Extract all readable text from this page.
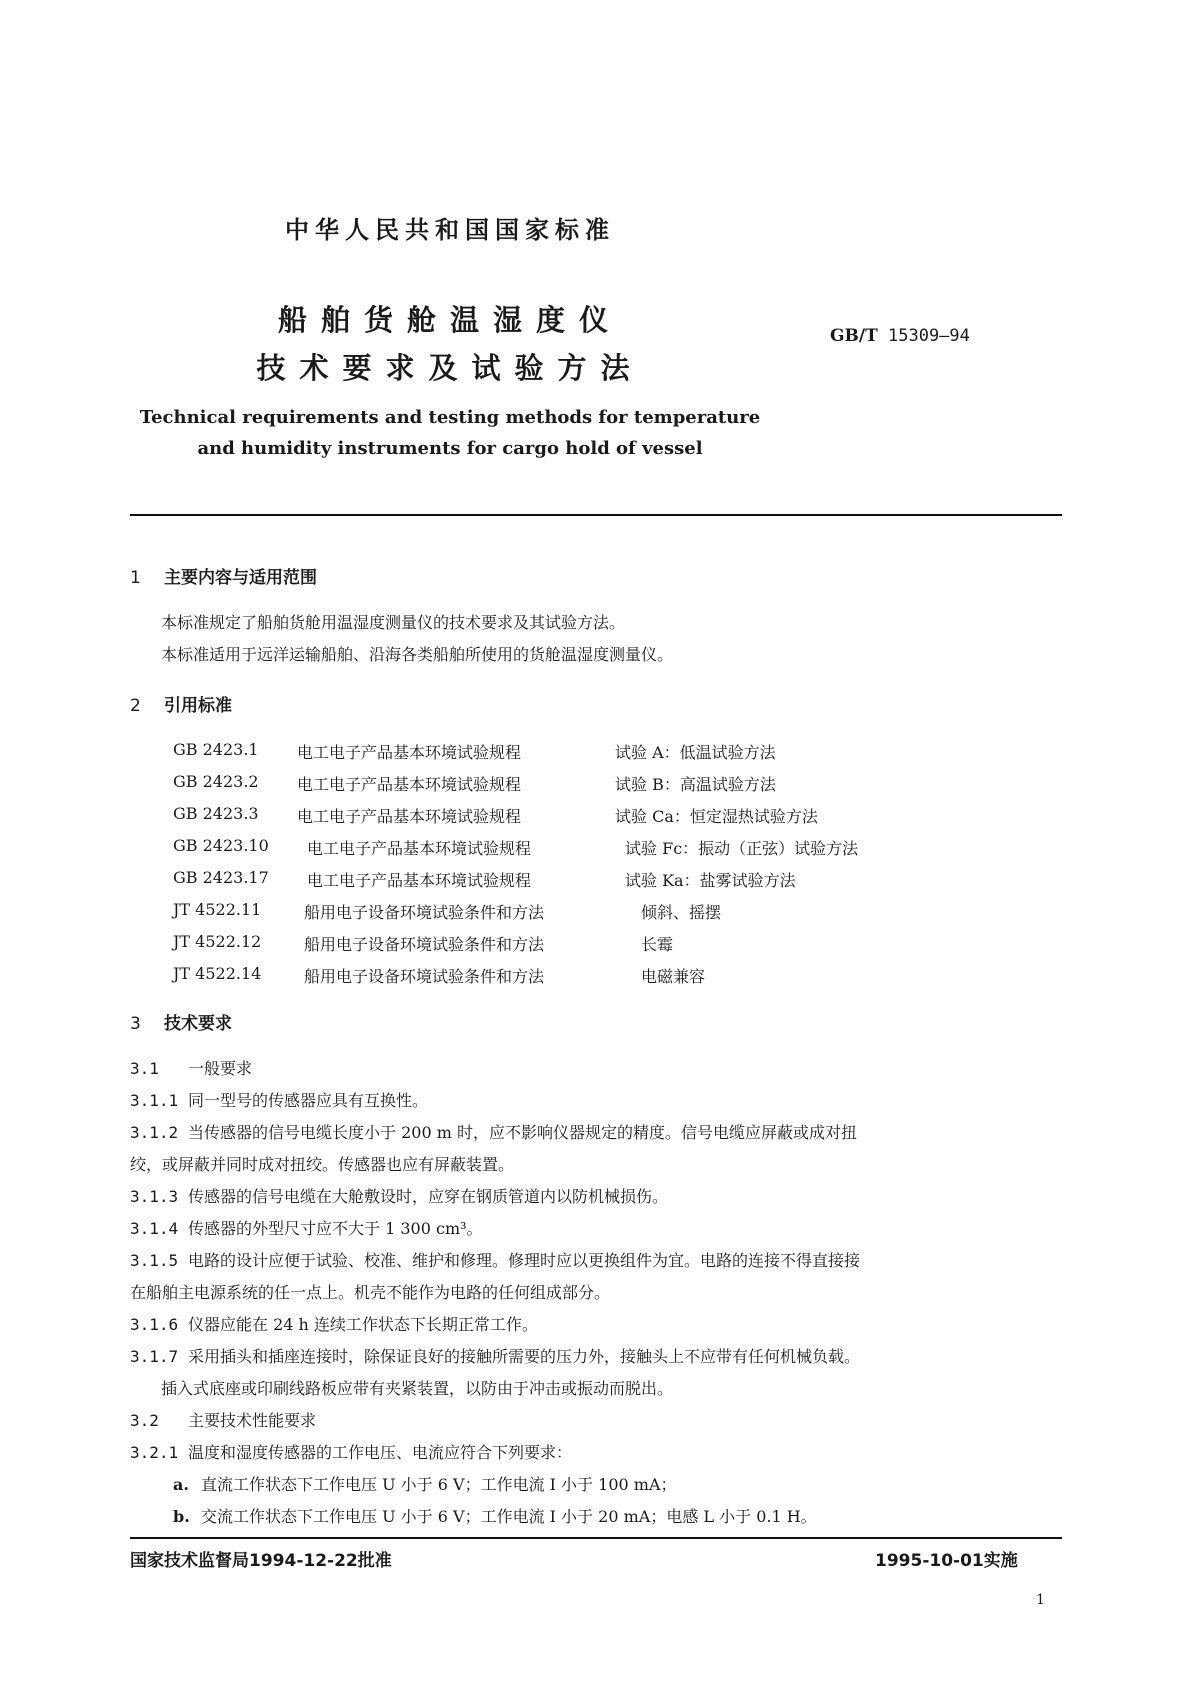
中华人民共和国国家标准
船舶货舱温湿度仪
技术要求及试验方法
GB/T 15309—94
Technical requirements and testing methods for temperature
and humidity instruments for cargo hold of vessel
1 主要内容与适用范围
本标准规定了船舶货舱用温湿度测量仪的技术要求及其试验方法。
本标准适用于远洋运输船舶、沿海各类船舶所使用的货舱温湿度测量仪。
2 引用标准
GB 2423.1 电工电子产品基本环境试验规程	试验 A：低温试验方法
GB 2423.2 电工电子产品基本环境试验规程	试验 B：高温试验方法
GB 2423.3 电工电子产品基本环境试验规程	试验 Ca：恒定湿热试验方法
GB 2423.10 电工电子产品基本环境试验规程	试验 Fc：振动（正弦）试验方法
GB 2423.17 电工电子产品基本环境试验规程	试验 Ka：盐雾试验方法
JT 4522.11	船用电子设备环境试验条件和方法	倾斜、摇摆
JT 4522.12	船用电子设备环境试验条件和方法	长霉
JT 4522.14	船用电子设备环境试验条件和方法	电磁兼容
3 技术要求
3.1 一般要求
3.1.1 同一型号的传感器应具有互换性。
3.1.2 当传感器的信号电缆长度小于 200 m 时，应不影响仪器规定的精度。信号电缆应屏蔽或成对扭
绞，或屏蔽并同时成对扭绞。传感器也应有屏蔽装置。
3.1.3 传感器的信号电缆在大舱敷设时，应穿在钢质管道内以防机械损伤。
3.1.4 传感器的外型尺寸应不大于 1 300 cm³。
3.1.5 电路的设计应便于试验、校准、维护和修理。修理时应以更换组件为宜。电路的连接不得直接接
在船舶主电源系统的任一点上。机壳不能作为电路的任何组成部分。
3.1.6 仪器应能在 24 h 连续工作状态下长期正常工作。
3.1.7 采用插头和插座连接时，除保证良好的接触所需要的压力外，接触头上不应带有任何机械负载。
插入式底座或印刷线路板应带有夹紧装置，以防由于冲击或振动而脱出。
3.2 主要技术性能要求
3.2.1 温度和湿度传感器的工作电压、电流应符合下列要求：
a. 直流工作状态下工作电压 U 小于 6 V；工作电流 I 小于 100 mA；
b. 交流工作状态下工作电压 U 小于 6 V；工作电流 I 小于 20 mA；电感 L 小于 0.1 H。
国家技术监督局1994-12-22批准	1995-10-01实施
1
